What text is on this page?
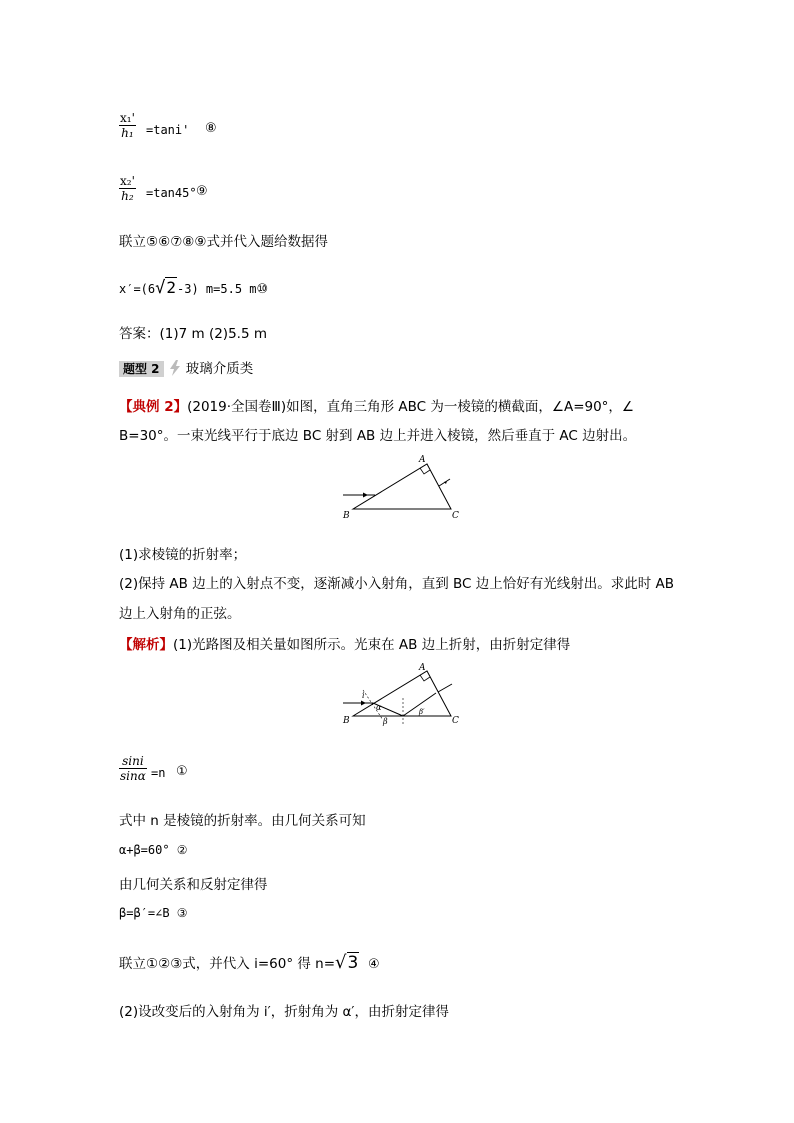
$\frac{\text{x₁'}}{\text{h₁}} =\tan i'$ ⑧
$\frac{\text{x₂'}}{\text{h₂}} =\tan 45^\circ$ ⑨
联立⑤⑥⑦⑧⑨式并代入题给数据得
x′=(6√2-3) m=5.5 m⑩
答案：(1)7 m (2)5.5 m
题型 2 玻璃介质类
【典例 2】(2019·全国卷Ⅲ)如图，直角三角形 ABC 为一棱镜的横截面，∠A=90°，∠
B=30°。一束光线平行于底边 BC 射到 AB 边上并进入棱镜，然后垂直于 AC 边射出。
A
B	C
(1)求棱镜的折射率；
(2)保持 AB 边上的入射点不变，逐渐减小入射角，直到 BC 边上恰好有光线射出。求此时 AB
边上入射角的正弦。
【解析】(1)光路图及相关量如图所示。光束在 AB 边上折射，由折射定律得
A
B	C
i
α
β
β′
$\frac{\sin i}{\sin\alpha} =n$ ①
式中 n 是棱镜的折射率。由几何关系可知
α+β=60° ②
由几何关系和反射定律得
β=β′=∠B ③
联立①②③式，并代入 i=60° 得 n=√3 ④
(2)设改变后的入射角为 i′，折射角为 α′，由折射定律得
